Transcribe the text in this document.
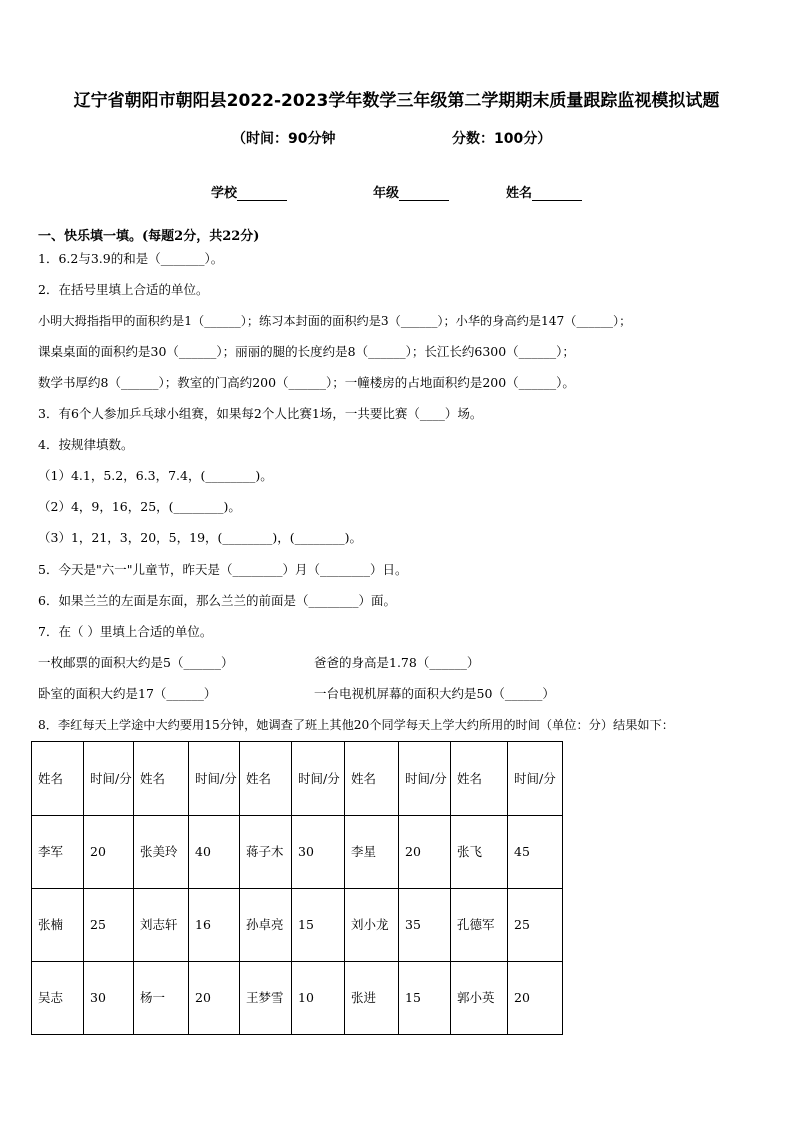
辽宁省朝阳市朝阳县2022-2023学年数学三年级第二学期期末质量跟踪监视模拟试题
（时间：90分钟	分数：100分）
学校	年级	姓名
一、快乐填一填。(每题2分，共22分)
1．6.2与3.9的和是（_______）。
2．在括号里填上合适的单位。
小明大拇指指甲的面积约是1（______）；练习本封面的面积约是3（______）；小华的身高约是147（______）；
课桌桌面的面积约是30（______）；丽丽的腿的长度约是8（______）；长江长约6300（______）；
数学书厚约8（______）；教室的门高约200（______）；一幢楼房的占地面积约是200（______）。
3．有6个人参加乒乓球小组赛，如果每2个人比赛1场，一共要比赛（____）场。
4．按规律填数。
（1）4.1，5.2，6.3，7.4，(________)。
（2）4，9，16，25，(________)。
（3）1，21，3，20，5，19，(________)，(________)。
5．今天是"六一"儿童节，昨天是（________）月（________）日。
6．如果兰兰的左面是东面，那么兰兰的前面是（________）面。
7．在（ ）里填上合适的单位。
一枚邮票的面积大约是5（______）	爸爸的身高是1.78（______）
卧室的面积大约是17（______）	一台电视机屏幕的面积大约是50（______）
8．李红每天上学途中大约要用15分钟，她调查了班上其他20个同学每天上学大约所用的时间（单位：分）结果如下：
姓名	时间/分	姓名	时间/分	姓名	时间/分	姓名	时间/分	姓名	时间/分
李军	20	张美玲	40	蒋子木	30	李星	20	张飞	45
张楠	25	刘志轩	16	孙卓亮	15	刘小龙	35	孔德军	25
吴志	30	杨一	20	王梦雪	10	张进	15	郭小英	20
